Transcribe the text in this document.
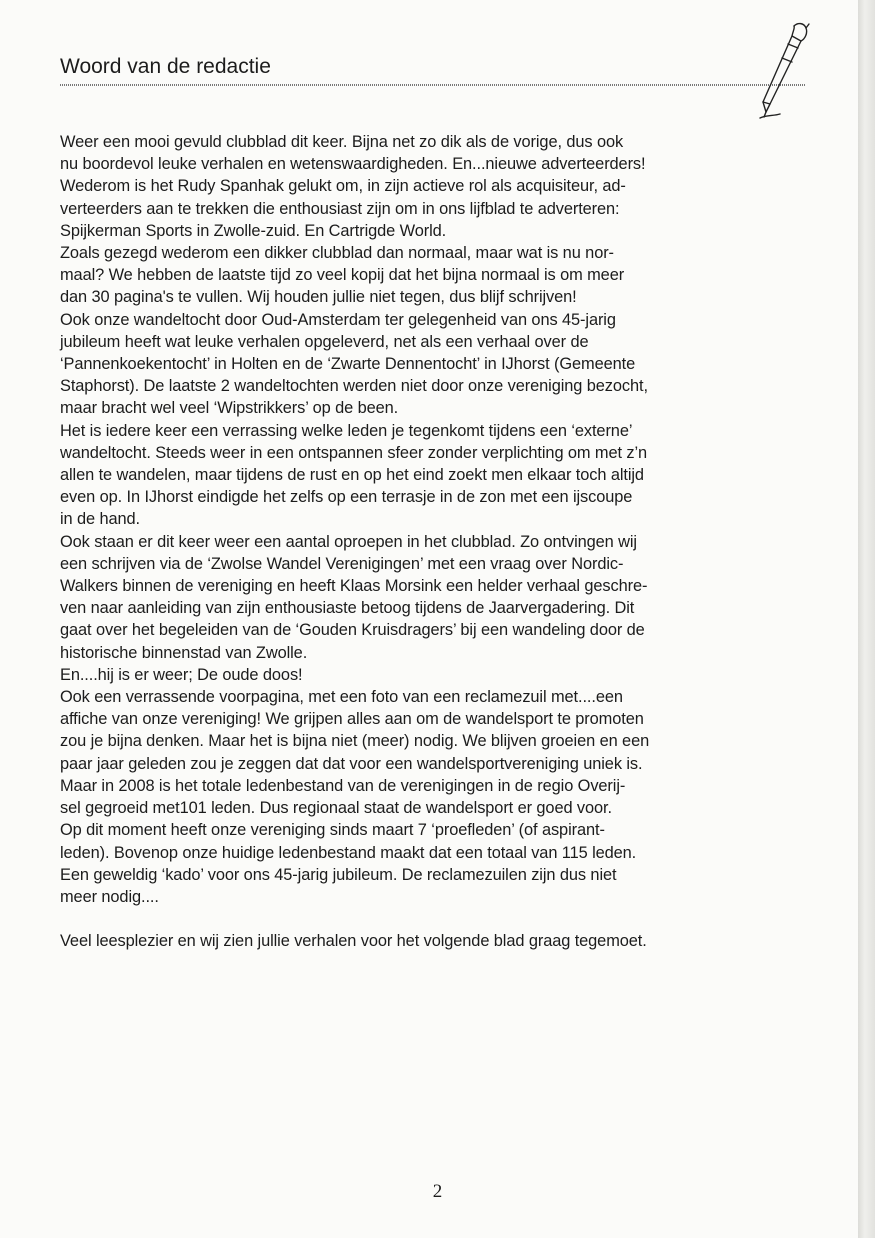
Woord van de redactie
Weer een mooi gevuld clubblad dit keer. Bijna net zo dik als de vorige, dus ook
nu boordevol leuke verhalen en wetenswaardigheden. En...nieuwe adverteerders!
Wederom is het Rudy Spanhak gelukt om, in zijn actieve rol als acquisiteur, ad-
verteerders aan te trekken die enthousiast zijn om in ons lijfblad te adverteren:
Spijkerman Sports in Zwolle-zuid. En Cartrigde World.
Zoals gezegd wederom een dikker clubblad dan normaal, maar wat is nu nor-
maal? We hebben de laatste tijd zo veel kopij dat het bijna normaal is om meer
dan 30 pagina's te vullen. Wij houden jullie niet tegen, dus blijf schrijven!
Ook onze wandeltocht door Oud-Amsterdam ter gelegenheid van ons 45-jarig
jubileum heeft wat leuke verhalen opgeleverd, net als een verhaal over de
‘Pannenkoekentocht’ in Holten en de ‘Zwarte Dennentocht’ in IJhorst (Gemeente
Staphorst). De laatste 2 wandeltochten werden niet door onze vereniging bezocht,
maar bracht wel veel ‘Wipstrikkers’ op de been.
Het is iedere keer een verrassing welke leden je tegenkomt tijdens een ‘externe’
wandeltocht. Steeds weer in een ontspannen sfeer zonder verplichting om met z’n
allen te wandelen, maar tijdens de rust en op het eind zoekt men elkaar toch altijd
even op. In IJhorst eindigde het zelfs op een terrasje in de zon met een ijscoupe
in de hand.
Ook staan er dit keer weer een aantal oproepen in het clubblad. Zo ontvingen wij
een schrijven via de ‘Zwolse Wandel Verenigingen’ met een vraag over Nordic-
Walkers binnen de vereniging en heeft Klaas Morsink een helder verhaal geschre-
ven naar aanleiding van zijn enthousiaste betoog tijdens de Jaarvergadering. Dit
gaat over het begeleiden van de ‘Gouden Kruisdragers’ bij een wandeling door de
historische binnenstad van Zwolle.
En....hij is er weer; De oude doos!
Ook een verrassende voorpagina, met een foto van een reclamezuil met....een
affiche van onze vereniging! We grijpen alles aan om de wandelsport te promoten
zou je bijna denken. Maar het is bijna niet (meer) nodig. We blijven groeien en een
paar jaar geleden zou je zeggen dat dat voor een wandelsportvereniging uniek is.
Maar in 2008 is het totale ledenbestand van de verenigingen in de regio Overij-
sel gegroeid met101 leden. Dus regionaal staat de wandelsport er goed voor.
Op dit moment heeft onze vereniging sinds maart 7 ‘proefleden’ (of aspirant-
leden). Bovenop onze huidige ledenbestand maakt dat een totaal van 115 leden.
Een geweldig ‘kado’ voor ons 45-jarig jubileum. De reclamezuilen zijn dus niet
meer nodig....
Veel leesplezier en wij zien jullie verhalen voor het volgende blad graag tegemoet.
2
